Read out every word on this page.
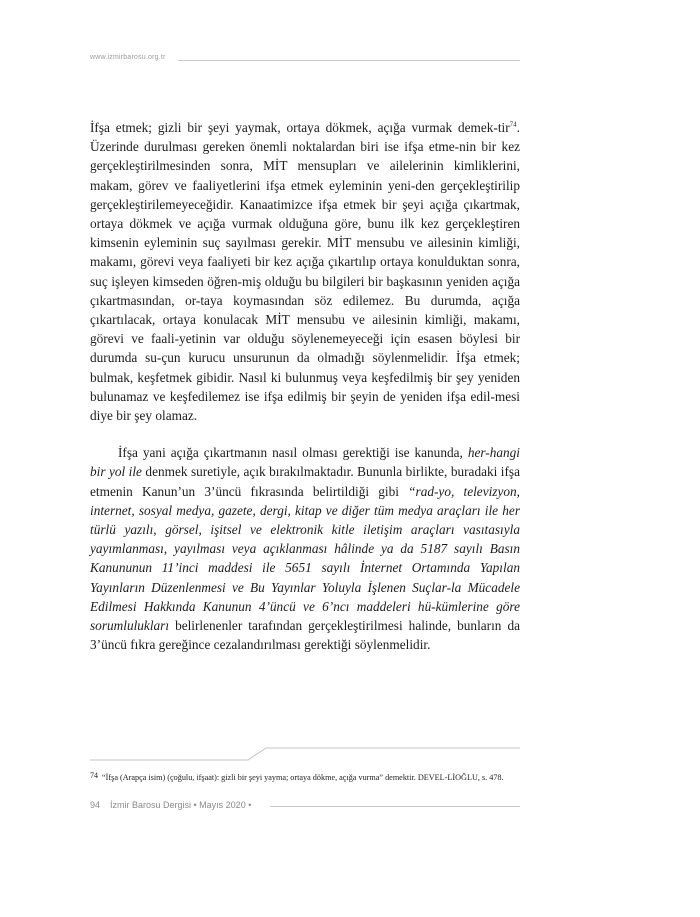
www.izmirbarosu.org.tr

İfşa etmek; gizli bir şeyi yaymak, ortaya dökmek, açığa vurmak demek-tir$^{74}$. Üzerinde durulması gereken önemli noktalardan biri ise ifşa etme-nin bir kez gerçekleştirilmesinden sonra, MİT mensupları ve ailelerinin kimliklerini, makam, görev ve faaliyetlerini ifşa etmek eyleminin yeni-den gerçekleştirilip gerçekleştirilemeyeceğidir. Kanaatimizce ifşa etmek bir şeyi açığa çıkartmak, ortaya dökmek ve açığa vurmak olduğuna göre, bunu ilk kez gerçekleştiren kimsenin eyleminin suç sayılması gerekir. MİT mensubu ve ailesinin kimliği, makamı, görevi veya faaliyeti bir kez açığa çıkartılıp ortaya konulduktan sonra, suç işleyen kimseden öğren-miş olduğu bu bilgileri bir başkasının yeniden açığa çıkartmasından, or-taya koymasından söz edilemez. Bu durumda, açığa çıkartılacak, ortaya konulacak MİT mensubu ve ailesinin kimliği, makamı, görevi ve faali-yetinin var olduğu söylenemeyeceği için esasen böylesi bir durumda su-çun kurucu unsurunun da olmadığı söylenmelidir. İfşa etmek; bulmak, keşfetmek gibidir. Nasıl ki bulunmuş veya keşfedilmiş bir şey yeniden bulunamaz ve keşfedilemez ise ifşa edilmiş bir şeyin de yeniden ifşa edil-mesi diye bir şey olamaz.

İfşa yani açığa çıkartmanın nasıl olması gerektiği ise kanunda, her-hangi bir yol ile denmek suretiyle, açık bırakılmaktadır. Bununla birlikte, buradaki ifşa etmenin Kanun’un 3’üncü fıkrasında belirtildiği gibi “rad-yo, televizyon, internet, sosyal medya, gazete, dergi, kitap ve diğer tüm medya araçları ile her türlü yazılı, görsel, işitsel ve elektronik kitle iletişim araçları vasıtasıyla yayımlanması, yayılması veya açıklanması hâlinde ya da 5187 sayılı Basın Kanununun 11’inci maddesi ile 5651 sayılı İnternet Ortamında Yapılan Yayınların Düzenlenmesi ve Bu Yayınlar Yoluyla İşlenen Suçlar-la Mücadele Edilmesi Hakkında Kanunun 4’üncü ve 6’ncı maddeleri hü-kümlerine göre sorumlulukları belirlenenler tarafından gerçekleştirilmesi halinde, bunların da 3’üncü fıkra gereğince cezalandırılması gerektiği söylenmelidir.

74 “İfşa (Arapça isim) (çoğulu, ifşaat): gizli bir şeyi yayma; ortaya dökme, açığa vurma” demektir. DEVEL-LİOĞLU, s. 478.
94 İzmir Barosu Dergisi • Mayıs 2020 •
